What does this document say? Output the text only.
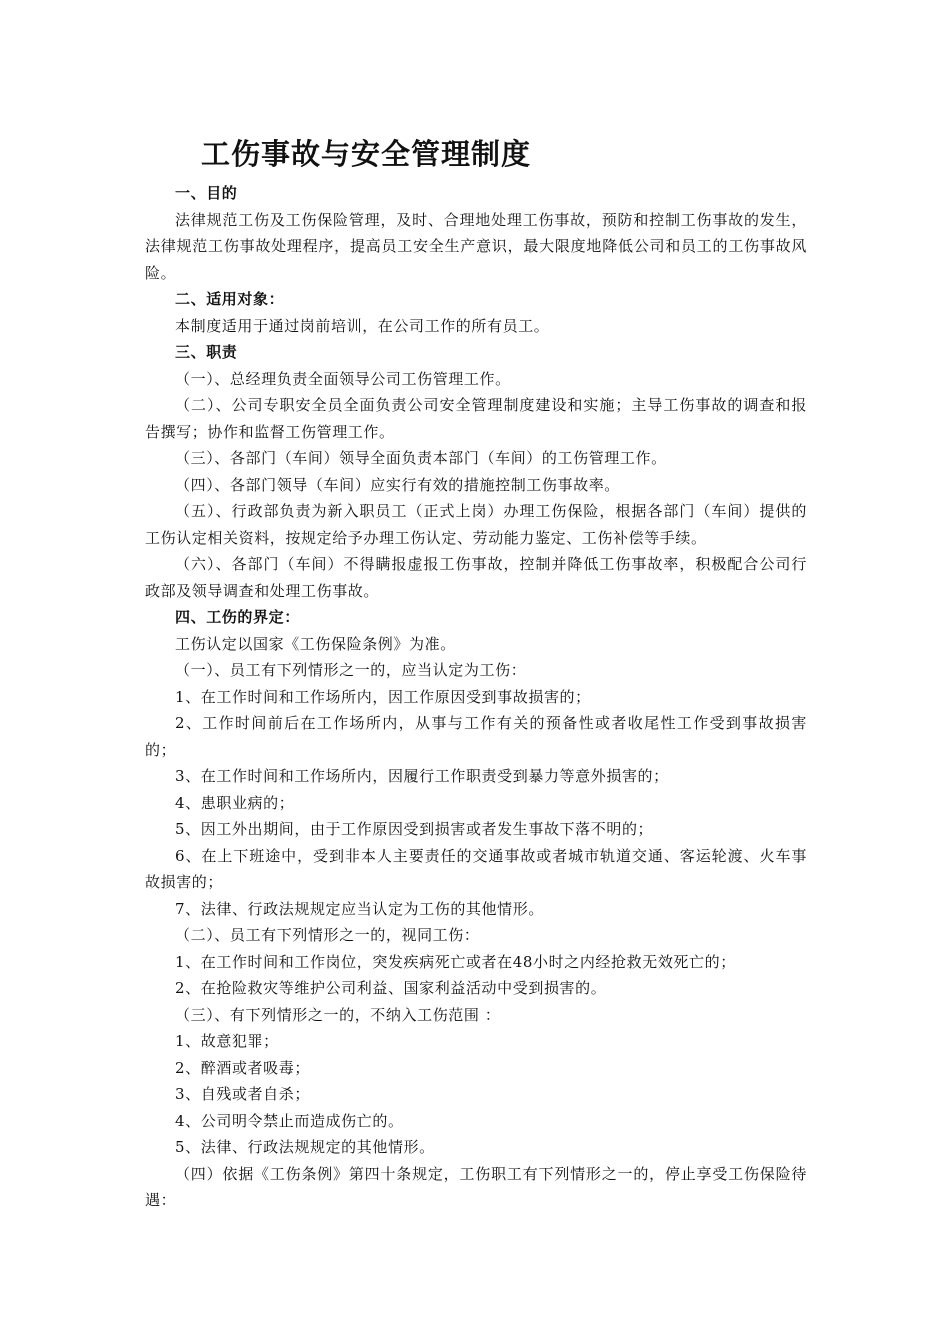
工伤事故与安全管理制度

一、目的

法律规范工伤及工伤保险管理，及时、合理地处理工伤事故，预防和控制工伤事故的发生，法律规范工伤事故处理程序，提高员工安全生产意识，最大限度地降低公司和员工的工伤事故风险。

二、适用对象：

本制度适用于通过岗前培训，在公司工作的所有员工。

三、职责

（一）、总经理负责全面领导公司工伤管理工作。

（二）、公司专职安全员全面负责公司安全管理制度建设和实施；主导工伤事故的调查和报告撰写；协作和监督工伤管理工作。

（三）、各部门（车间）领导全面负责本部门（车间）的工伤管理工作。

（四）、各部门领导（车间）应实行有效的措施控制工伤事故率。

（五）、行政部负责为新入职员工（正式上岗）办理工伤保险，根据各部门（车间）提供的工伤认定相关资料，按规定给予办理工伤认定、劳动能力鉴定、工伤补偿等手续。

（六）、各部门（车间）不得瞒报虚报工伤事故，控制并降低工伤事故率，积极配合公司行政部及领导调查和处理工伤事故。

四、工伤的界定：

工伤认定以国家《工伤保险条例》为准。

（一）、员工有下列情形之一的，应当认定为工伤：

1、在工作时间和工作场所内，因工作原因受到事故损害的；

2、工作时间前后在工作场所内，从事与工作有关的预备性或者收尾性工作受到事故损害的；

3、在工作时间和工作场所内，因履行工作职责受到暴力等意外损害的；

4、患职业病的；

5、因工外出期间，由于工作原因受到损害或者发生事故下落不明的；

6、在上下班途中，受到非本人主要责任的交通事故或者城市轨道交通、客运轮渡、火车事故损害的；

7、法律、行政法规规定应当认定为工伤的其他情形。

（二）、员工有下列情形之一的，视同工伤：

1、在工作时间和工作岗位，突发疾病死亡或者在48小时之内经抢救无效死亡的；

2、在抢险救灾等维护公司利益、国家利益活动中受到损害的。

（三）、有下列情形之一的，不纳入工伤范围 ：

1、故意犯罪；

2、醉酒或者吸毒；

3、自残或者自杀；

4、公司明令禁止而造成伤亡的。

5、法律、行政法规规定的其他情形。

（四）依据《工伤条例》第四十条规定，工伤职工有下列情形之一的，停止享受工伤保险待遇：
